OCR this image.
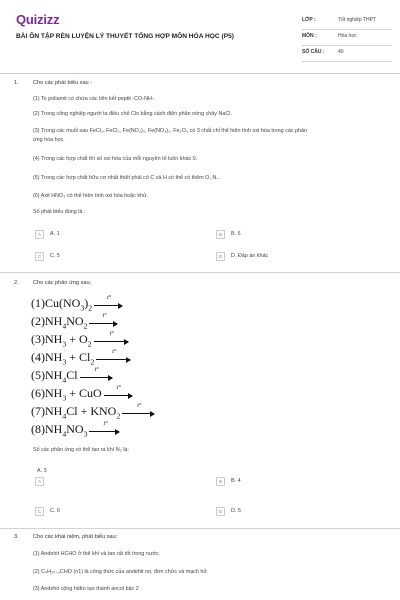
Quizizz
BÀI ÔN TẬP RÈN LUYỆN LÝ THUYẾT TỔNG HỢP MÔN HÓA HỌC (P5)
LỚP :	Tốt nghiệp THPT
MÔN :	Hóa học
SỐ CÂU :	40
1.	Cho các phát biểu sau :
(1) To poliamit có chứa các liên kết peptit -CO-NH-.
(2) Trong công nghiệp người ta điều chế Clo bằng cách điện phân nóng chảy NaCl.
(3) Trong các muối sau FeCl₂, FeCl₃, Fe(NO₃)₂, Fe(NO₃)₃, Fe₂O₃ có 3 chất chỉ thể hiện tính oxi hóa trong các phản
ứng hóa học.
(4) Trong các hợp chất thì số oxi hóa của mỗi nguyên tố luôn khác 0.
(5) Trong các hợp chất hữu cơ nhất thiết phải có C và H có thể có thêm O, N...
(6) Axit HNO₃ có thể hiện tính oxi hóa hoặc khử.
Số phát biểu đúng là :
A	A. 1	B	B. 6
C	C. 5	D	D. Đáp án khác
2.	Cho các phản ứng sau:
$(1)Cu(NO_3)_2$
t°
$(2)NH_4NO_2$
t°
$(3)NH_3 + O_2$
t°
$(4)NH_3 + Cl_2$
t°
$(5)NH_4Cl$	t°
$(6)NH_3$ + CuO	t°
$(7)NH_4Cl + KNO_2$
t°
$(8)NH_4NO_3$
t°
Số các phản ứng có thể tạo ra khí N₂ là:
A. 3
A	B	B. 4
C	C. 6	D	D. 5
3.	Cho các khái niệm, phát biểu sau:
(1) Andehit HCHO ở thể khí và tan rất tốt trong nước.
(2) CₙH₂ₙ₋₁CHO (n1) là công thức của andehit no, đơn chức và mạch hở.
(3) Andehit cộng hiđro tạo thành ancol bậc 2
